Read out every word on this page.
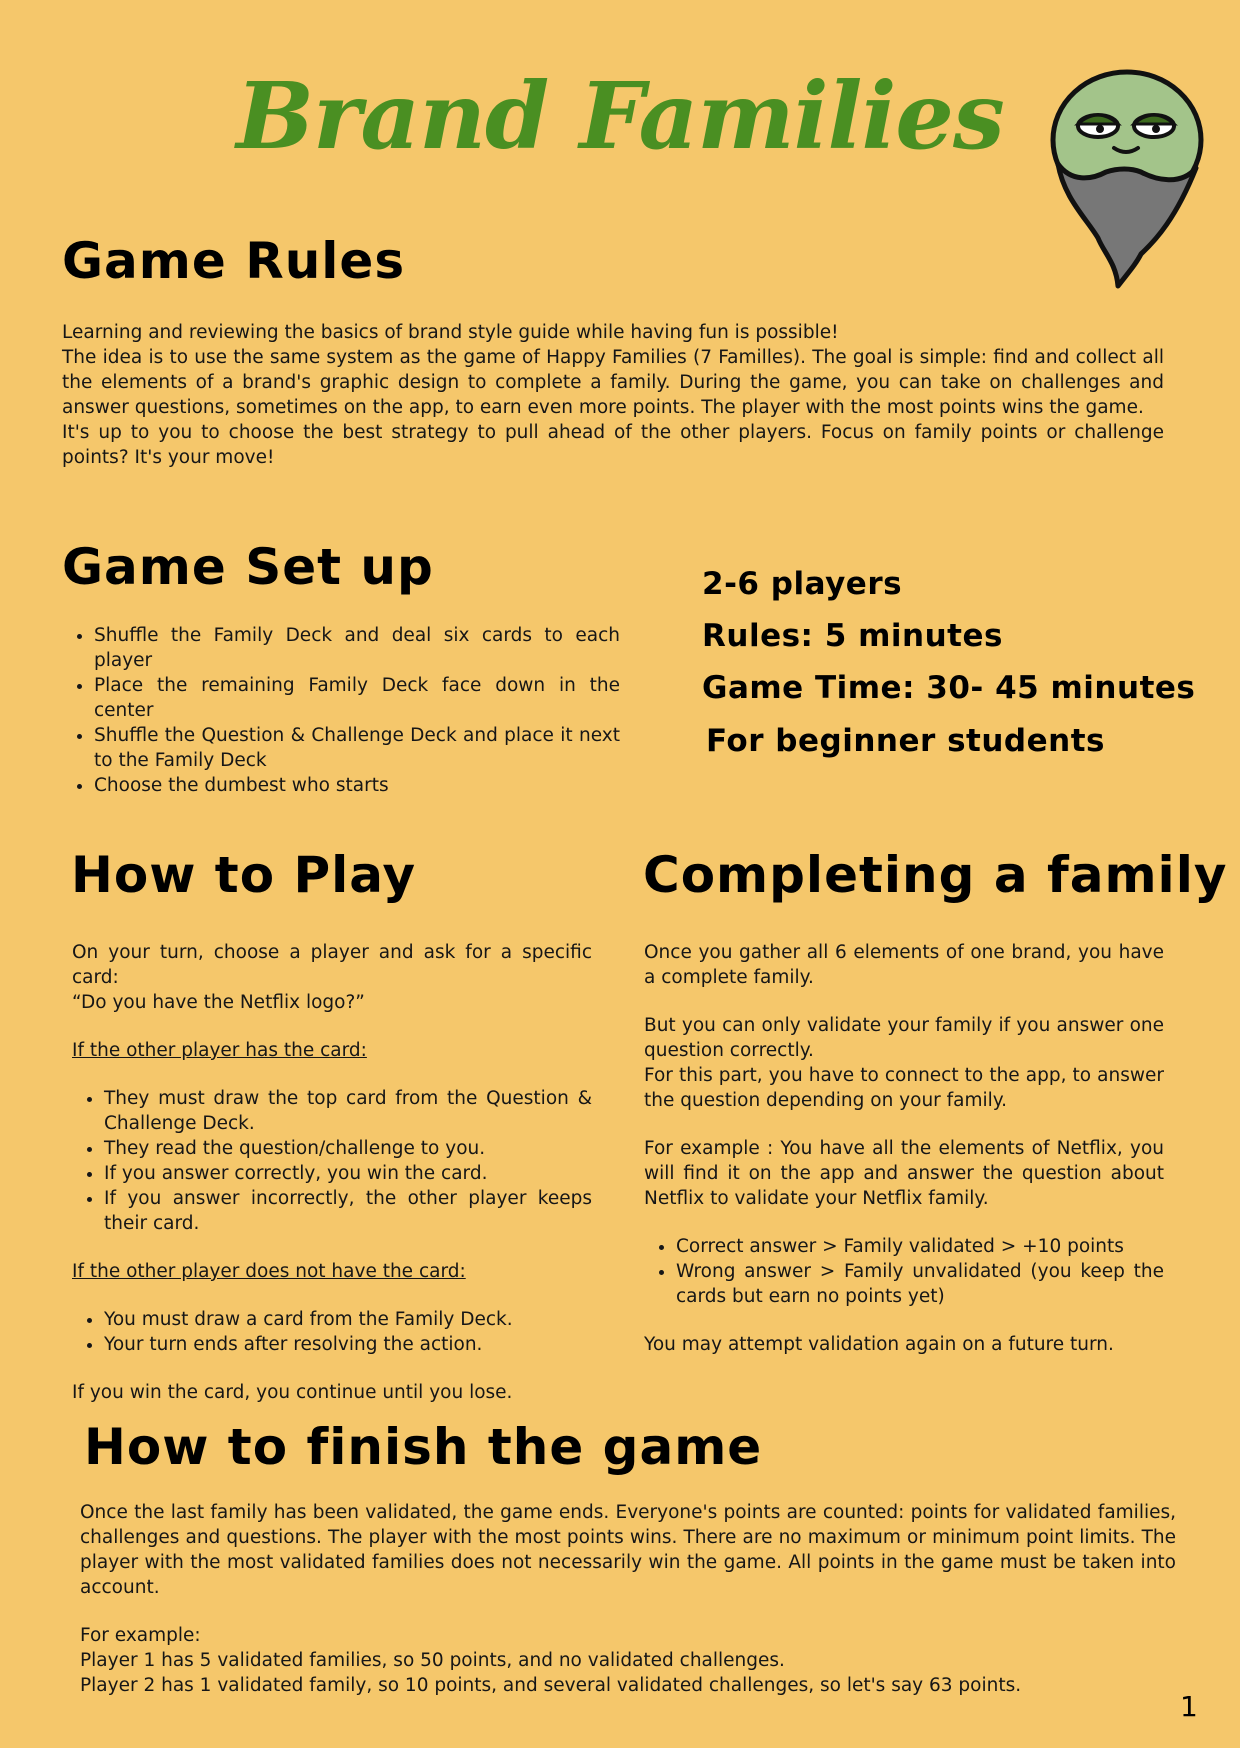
Brand Families
Game Rules

Learning and reviewing the basics of brand style guide while having fun is possible!

The idea is to use the same system as the game of Happy Families (7 Familles). The goal is simple: find and collect all the elements of a brand's graphic design to complete a family. During the game, you can take on challenges and answer questions, sometimes on the app, to earn even more points. The player with the most points wins the game.

It's up to you to choose the best strategy to pull ahead of the other players. Focus on family points or challenge points? It's your move!

Game Set up
• Shuffle the Family Deck and deal six cards to each player
• Place the remaining Family Deck face down in the center
• Shuffle the Question & Challenge Deck and place it next to the Family Deck
• Choose the dumbest who starts
2-6 players
Rules: 5 minutes
Game Time: 30- 45 minutes
For beginner students
How to Play

On your turn, choose a player and ask for a specific card:

“Do you have the Netflix logo?”

If the other player has the card:

• They must draw the top card from the Question & Challenge Deck.
• They read the question/challenge to you.
• If you answer correctly, you win the card.
• If you answer incorrectly, the other player keeps their card.

If the other player does not have the card:

• You must draw a card from the Family Deck.
• Your turn ends after resolving the action.

If you win the card, you continue until you lose.

Completing a family

Once you gather all 6 elements of one brand, you have a complete family.

But you can only validate your family if you answer one question correctly.

For this part, you have to connect to the app, to answer the question depending on your family.

For example : You have all the elements of Netflix, you will find it on the app and answer the question about Netflix to validate your Netflix family.

• Correct answer > Family validated > +10 points
• Wrong answer > Family unvalidated (you keep the cards but earn no points yet)

You may attempt validation again on a future turn.

How to finish the game

Once the last family has been validated, the game ends. Everyone's points are counted: points for validated families, challenges and questions. The player with the most points wins. There are no maximum or minimum point limits. The player with the most validated families does not necessarily win the game. All points in the game must be taken into account.

For example:

Player 1 has 5 validated families, so 50 points, and no validated challenges.

Player 2 has 1 validated family, so 10 points, and several validated challenges, so let's say 63 points.

1
